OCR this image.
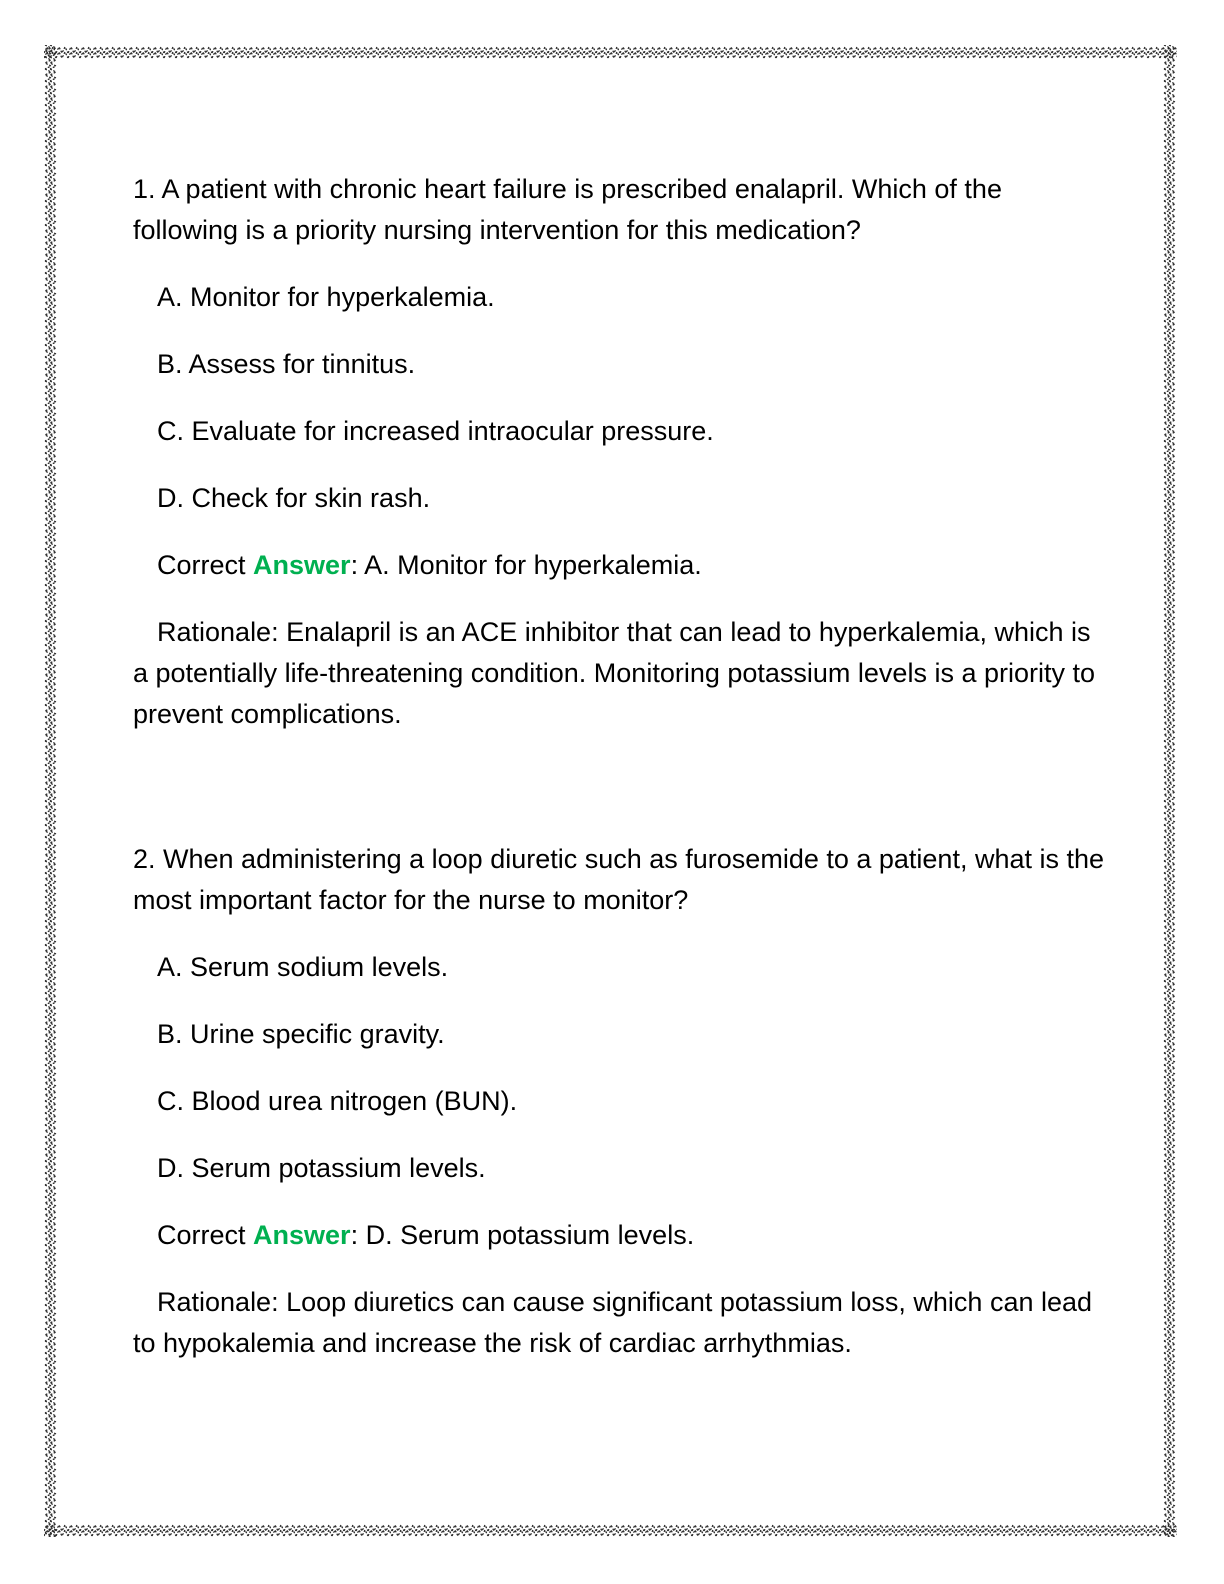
1. A patient with chronic heart failure is prescribed enalapril. Which of the following is a priority nursing intervention for this medication?

A. Monitor for hyperkalemia.

B. Assess for tinnitus.

C. Evaluate for increased intraocular pressure.

D. Check for skin rash.

Correct Answer: A. Monitor for hyperkalemia.

Rationale: Enalapril is an ACE inhibitor that can lead to hyperkalemia, which is a potentially life-threatening condition. Monitoring potassium levels is a priority to prevent complications.

2. When administering a loop diuretic such as furosemide to a patient, what is the most important factor for the nurse to monitor?

A. Serum sodium levels.

B. Urine specific gravity.

C. Blood urea nitrogen (BUN).

D. Serum potassium levels.

Correct Answer: D. Serum potassium levels.

Rationale: Loop diuretics can cause significant potassium loss, which can lead to hypokalemia and increase the risk of cardiac arrhythmias.
